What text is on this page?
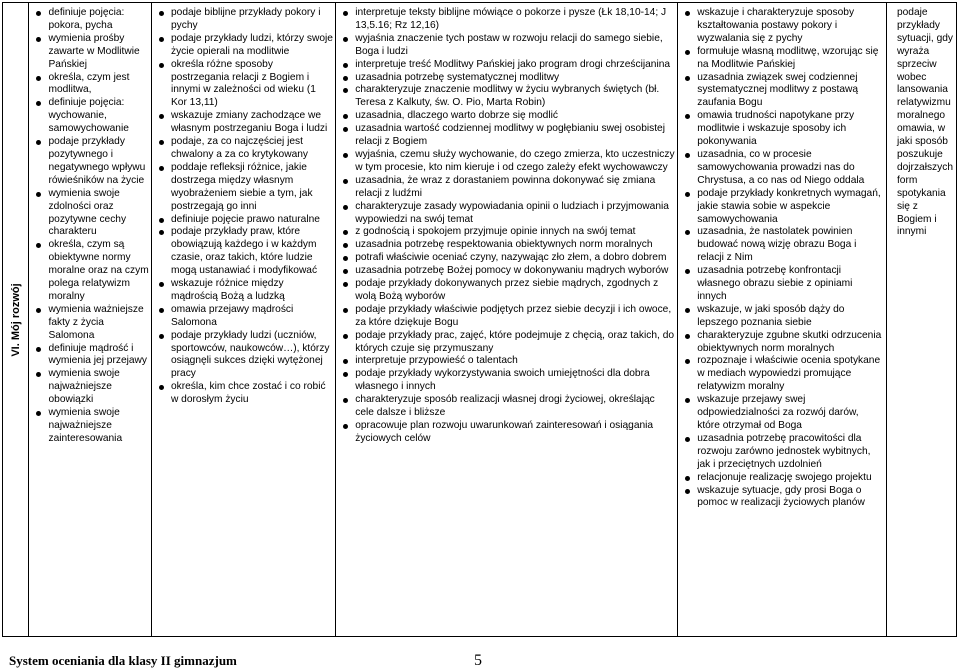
VI. Mój rozwój
definiuje pojęcia: pokora, pycha
wymienia prośby zawarte w Modlitwie Pańskiej
określa, czym jest modlitwa,
definiuje pojęcia: wychowanie, samowychowanie
podaje przykłady pozytywnego i negatywnego wpływu rówieśników na życie
wymienia swoje zdolności oraz pozytywne cechy charakteru
określa, czym są obiektywne normy moralne oraz na czym polega relatywizm moralny
wymienia ważniejsze fakty z życia Salomona
definiuje mądrość i wymienia jej przejawy
wymienia swoje najważniejsze obowiązki
wymienia swoje najważniejsze zainteresowania
podaje biblijne przykłady pokory i pychy
podaje przykłady ludzi, którzy swoje życie opierali na modlitwie
określa różne sposoby postrzegania relacji z Bogiem i innymi w zależności od wieku (1 Kor 13,11)
wskazuje zmiany zachodzące we własnym postrzeganiu Boga i ludzi
podaje, za co najczęściej jest chwalony a za co krytykowany
poddaje refleksji różnice, jakie dostrzega między własnym wyobrażeniem siebie a tym, jak postrzegają go inni
definiuje pojęcie prawo naturalne
podaje przykłady praw, które obowiązują każdego i w każdym czasie, oraz takich, które ludzie mogą ustanawiać i modyfikować
wskazuje różnice między mądrością Bożą a ludzką
omawia przejawy mądrości Salomona
podaje przykłady ludzi (uczniów, sportowców, naukowców…), którzy osiągnęli sukces dzięki wytężonej pracy
określa, kim chce zostać i co robić w dorosłym życiu
interpretuje teksty biblijne mówiące o pokorze i pysze (Łk 18,10-14; J 13,5.16; Rz 12,16)
wyjaśnia znaczenie tych postaw w rozwoju relacji do samego siebie, Boga i ludzi
interpretuje treść Modlitwy Pańskiej jako program drogi chrześcijanina
uzasadnia potrzebę systematycznej modlitwy
charakteryzuje znaczenie modlitwy w życiu wybranych świętych (bł. Teresa z Kalkuty, św. O. Pio, Marta Robin)
uzasadnia, dlaczego warto dobrze się modlić
uzasadnia wartość codziennej modlitwy w pogłębianiu swej osobistej relacji z Bogiem
wyjaśnia, czemu służy wychowanie, do czego zmierza, kto uczestniczy w tym procesie, kto nim kieruje i od czego zależy efekt wychowawczy
uzasadnia, że wraz z dorastaniem powinna dokonywać się zmiana relacji z ludźmi
charakteryzuje zasady wypowiadania opinii o ludziach i przyjmowania wypowiedzi na swój temat
z godnością i spokojem przyjmuje opinie innych na swój temat
uzasadnia potrzebę respektowania obiektywnych norm moralnych
potrafi właściwie oceniać czyny, nazywając zło złem, a dobro dobrem
uzasadnia potrzebę Bożej pomocy w dokonywaniu mądrych wyborów
podaje przykłady dokonywanych przez siebie mądrych, zgodnych z wolą Bożą wyborów
podaje przykłady właściwie podjętych przez siebie decyzji i ich owoce, za które dziękuje Bogu
podaje przykłady prac, zajęć, które podejmuje z chęcią, oraz takich, do których czuje się przymuszany
interpretuje przypowieść o talentach
podaje przykłady wykorzystywania swoich umiejętności dla dobra własnego i innych
charakteryzuje sposób realizacji własnej drogi życiowej, określając cele dalsze i bliższe
opracowuje plan rozwoju uwarunkowań zainteresowań i osiągania życiowych celów
wskazuje i charakteryzuje sposoby kształtowania postawy pokory i wyzwalania się z pychy
formułuje własną modlitwę, wzorując się na Modlitwie Pańskiej
uzasadnia związek swej codziennej systematycznej modlitwy z postawą zaufania Bogu
omawia trudności napotykane przy modlitwie i wskazuje sposoby ich pokonywania
uzasadnia, co w procesie samowychowania prowadzi nas do Chrystusa, a co nas od Niego oddala
podaje przykłady konkretnych wymagań, jakie stawia sobie w aspekcie samowychowania
uzasadnia, że nastolatek powinien budować nową wizję obrazu Boga i relacji z Nim
uzasadnia potrzebę konfrontacji własnego obrazu siebie z opiniami innych
wskazuje, w jaki sposób dąży do lepszego poznania siebie
charakteryzuje zgubne skutki odrzucenia obiektywnych norm moralnych
rozpoznaje i właściwie ocenia spotykane w mediach wypowiedzi promujące relatywizm moralny
wskazuje przejawy swej odpowiedzialności za rozwój darów, które otrzymał od Boga
uzasadnia potrzebę pracowitości dla rozwoju zarówno jednostek wybitnych, jak i przeciętnych uzdolnień
relacjonuje realizację swojego projektu
wskazuje sytuacje, gdy prosi Boga o pomoc w realizacji życiowych planów
podaje przykłady sytuacji, gdy wyraża sprzeciw wobec lansowania relatywizmu moralnego omawia, w jaki sposób poszukuje dojrzałszych form spotykania się z Bogiem i innymi
System oceniania dla klasy II gimnazjum	5
